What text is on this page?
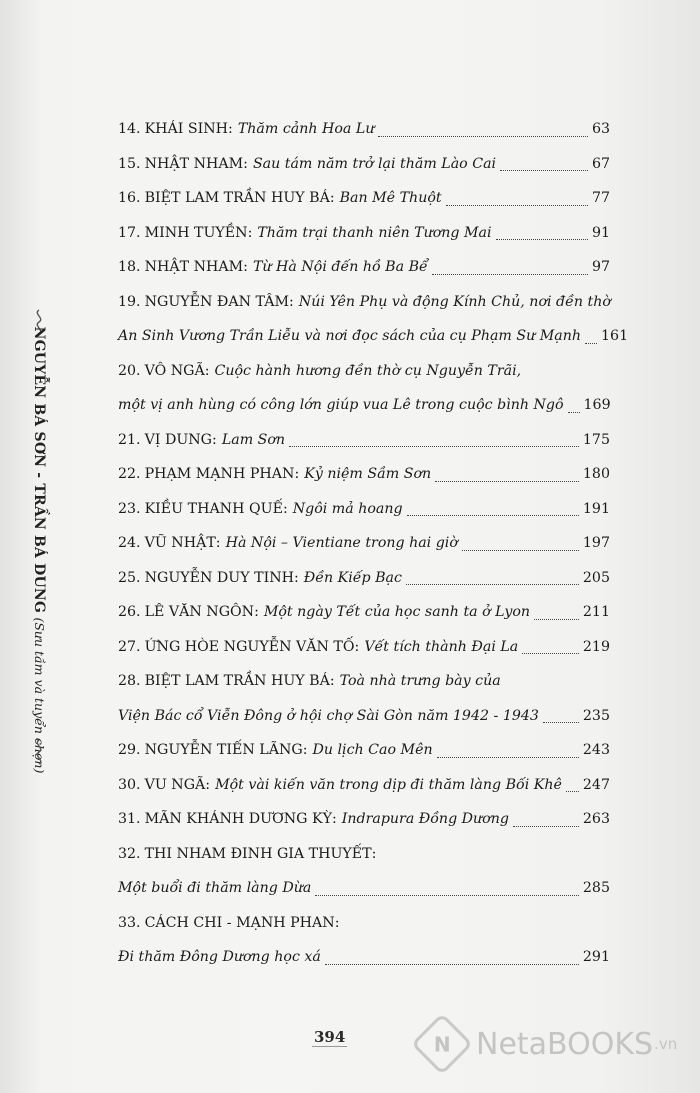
NGUYỄN BÁ SƠN - TRẦN BÁ DUNG (Sưu tầm và tuyển chọn)
14. KHÁI SINH : Thăm cảnh Hoa Lư	63
15. NHẬT NHAM : Sau tám năm trở lại thăm Lào Cai	67
16. BIỆT LAM TRẦN HUY BÁ : Ban Mê Thuột	77
17. MINH TUYỀN : Thăm trại thanh niên Tương Mai	91
18. NHẬT NHAM : Từ Hà Nội đến hồ Ba Bể	97
19. NGUYỄN ĐAN TÂM : Núi Yên Phụ và động Kính Chủ, nơi đền thờ
An Sinh Vương Trần Liễu và nơi đọc sách của cụ Phạm Sư Mạnh 161
20. VÔ NGÃ : Cuộc hành hương đền thờ cụ Nguyễn Trãi,
một vị anh hùng có công lớn giúp vua Lê trong cuộc bình Ngô 169
21. VỊ DUNG : Lam Sơn	175
22. PHẠM MẠNH PHAN : Kỷ niệm Sầm Sơn	180
23. KIỀU THANH QUẾ : Ngôi mả hoang	191
24. VŨ NHẬT : Hà Nội – Vientiane trong hai giờ	197
25. NGUYỄN DUY TINH : Đền Kiếp Bạc	205
26. LÊ VĂN NGÔN : Một ngày Tết của học sanh ta ở Lyon	211
27. ỨNG HÒE NGUYỄN VĂN TỐ : Vết tích thành Đại La	219
28. BIỆT LAM TRẦN HUY BÁ : Toà nhà trưng bày của
Viện Bác cổ Viễn Đông ở hội chợ Sài Gòn năm 1942 - 1943	235
29. NGUYỄN TIẾN LÃNG : Du lịch Cao Mên	243
30. VU NGÃ : Một vài kiến văn trong dịp đi thăm làng Bối Khê 247
31. MÃN KHÁNH DƯƠNG KỲ : Indrapura Đồng Dương	263
32. THI NHAM ĐINH GIA THUYẾT :
Một buổi đi thăm làng Dừa	285
33. CÁCH CHI - MẠNH PHAN :
Đi thăm Đông Dương học xá	291
394	N NetaBOOKS .vn
